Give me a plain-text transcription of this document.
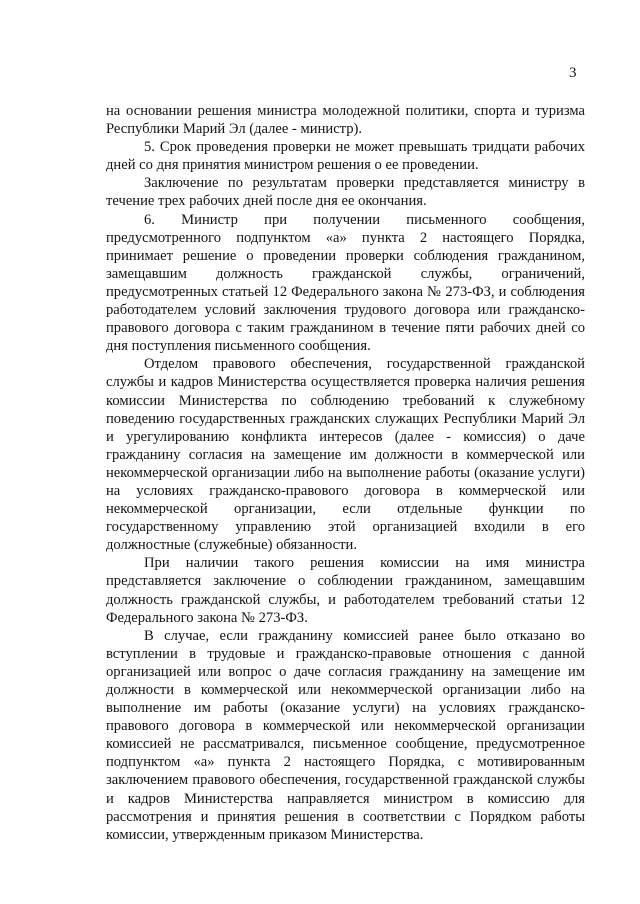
3

на основании решения министра молодежной политики, спорта и туризма Республики Марий Эл (далее - министр).

5. Срок проведения проверки не может превышать тридцати рабочих дней со дня принятия министром решения о ее проведении.

Заключение по результатам проверки представляется министру в течение трех рабочих дней после дня ее окончания.

6. Министр при получении письменного сообщения, предусмотренного подпунктом «а» пункта 2 настоящего Порядка, принимает решение о проведении проверки соблюдения гражданином, замещавшим должность гражданской службы, ограничений, предусмотренных статьей 12 Федерального закона № 273-ФЗ, и соблюдения работодателем условий заключения трудового договора или гражданско-правового договора с таким гражданином в течение пяти рабочих дней со дня поступления письменного сообщения.

Отделом правового обеспечения, государственной гражданской службы и кадров Министерства осуществляется проверка наличия решения комиссии Министерства по соблюдению требований к служебному поведению государственных гражданских служащих Республики Марий Эл и урегулированию конфликта интересов (далее - комиссия) о даче гражданину согласия на замещение им должности в коммерческой или некоммерческой организации либо на выполнение работы (оказание услуги) на условиях гражданско-правового договора в коммерческой или некоммерческой организации, если отдельные функции по государственному управлению этой организацией входили в его должностные (служебные) обязанности.

При наличии такого решения комиссии на имя министра представляется заключение о соблюдении гражданином, замещавшим должность гражданской службы, и работодателем требований статьи 12 Федерального закона № 273-ФЗ.

В случае, если гражданину комиссией ранее было отказано во вступлении в трудовые и гражданско-правовые отношения с данной организацией или вопрос о даче согласия гражданину на замещение им должности в коммерческой или некоммерческой организации либо на выполнение им работы (оказание услуги) на условиях гражданско-правового договора в коммерческой или некоммерческой организации комиссией не рассматривался, письменное сообщение, предусмотренное подпунктом «а» пункта 2 настоящего Порядка, с мотивированным заключением правового обеспечения, государственной гражданской службы и кадров Министерства направляется министром в комиссию для рассмотрения и принятия решения в соответствии с Порядком работы комиссии, утвержденным приказом Министерства.
